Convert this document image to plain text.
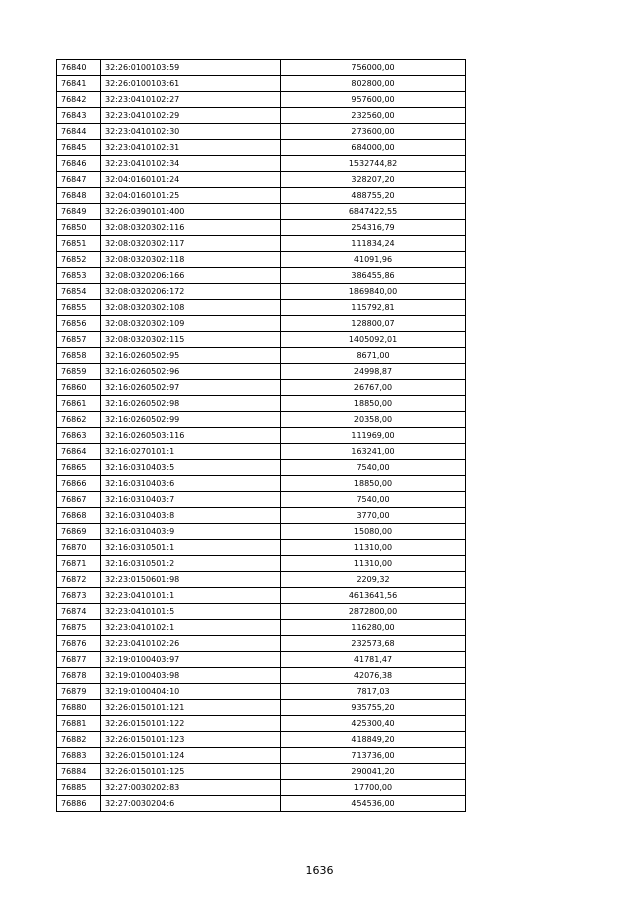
76840	32:26:0100103:59	756000,00
76841	32:26:0100103:61	802800,00
76842	32:23:0410102:27	957600,00
76843	32:23:0410102:29	232560,00
76844	32:23:0410102:30	273600,00
76845	32:23:0410102:31	684000,00
76846	32:23:0410102:34	1532744,82
76847	32:04:0160101:24	328207,20
76848	32:04:0160101:25	488755,20
76849	32:26:0390101:400	6847422,55
76850	32:08:0320302:116	254316,79
76851	32:08:0320302:117	111834,24
76852	32:08:0320302:118	41091,96
76853	32:08:0320206:166	386455,86
76854	32:08:0320206:172	1869840,00
76855	32:08:0320302:108	115792,81
76856	32:08:0320302:109	128800,07
76857	32:08:0320302:115	1405092,01
76858	32:16:0260502:95	8671,00
76859	32:16:0260502:96	24998,87
76860	32:16:0260502:97	26767,00
76861	32:16:0260502:98	18850,00
76862	32:16:0260502:99	20358,00
76863	32:16:0260503:116	111969,00
76864	32:16:0270101:1	163241,00
76865	32:16:0310403:5	7540,00
76866	32:16:0310403:6	18850,00
76867	32:16:0310403:7	7540,00
76868	32:16:0310403:8	3770,00
76869	32:16:0310403:9	15080,00
76870	32:16:0310501:1	11310,00
76871	32:16:0310501:2	11310,00
76872	32:23:0150601:98	2209,32
76873	32:23:0410101:1	4613641,56
76874	32:23:0410101:5	2872800,00
76875	32:23:0410102:1	116280,00
76876	32:23:0410102:26	232573,68
76877	32:19:0100403:97	41781,47
76878	32:19:0100403:98	42076,38
76879	32:19:0100404:10	7817,03
76880	32:26:0150101:121	935755,20
76881	32:26:0150101:122	425300,40
76882	32:26:0150101:123	418849,20
76883	32:26:0150101:124	713736,00
76884	32:26:0150101:125	290041,20
76885	32:27:0030202:83	17700,00
76886	32:27:0030204:6	454536,00
1636
